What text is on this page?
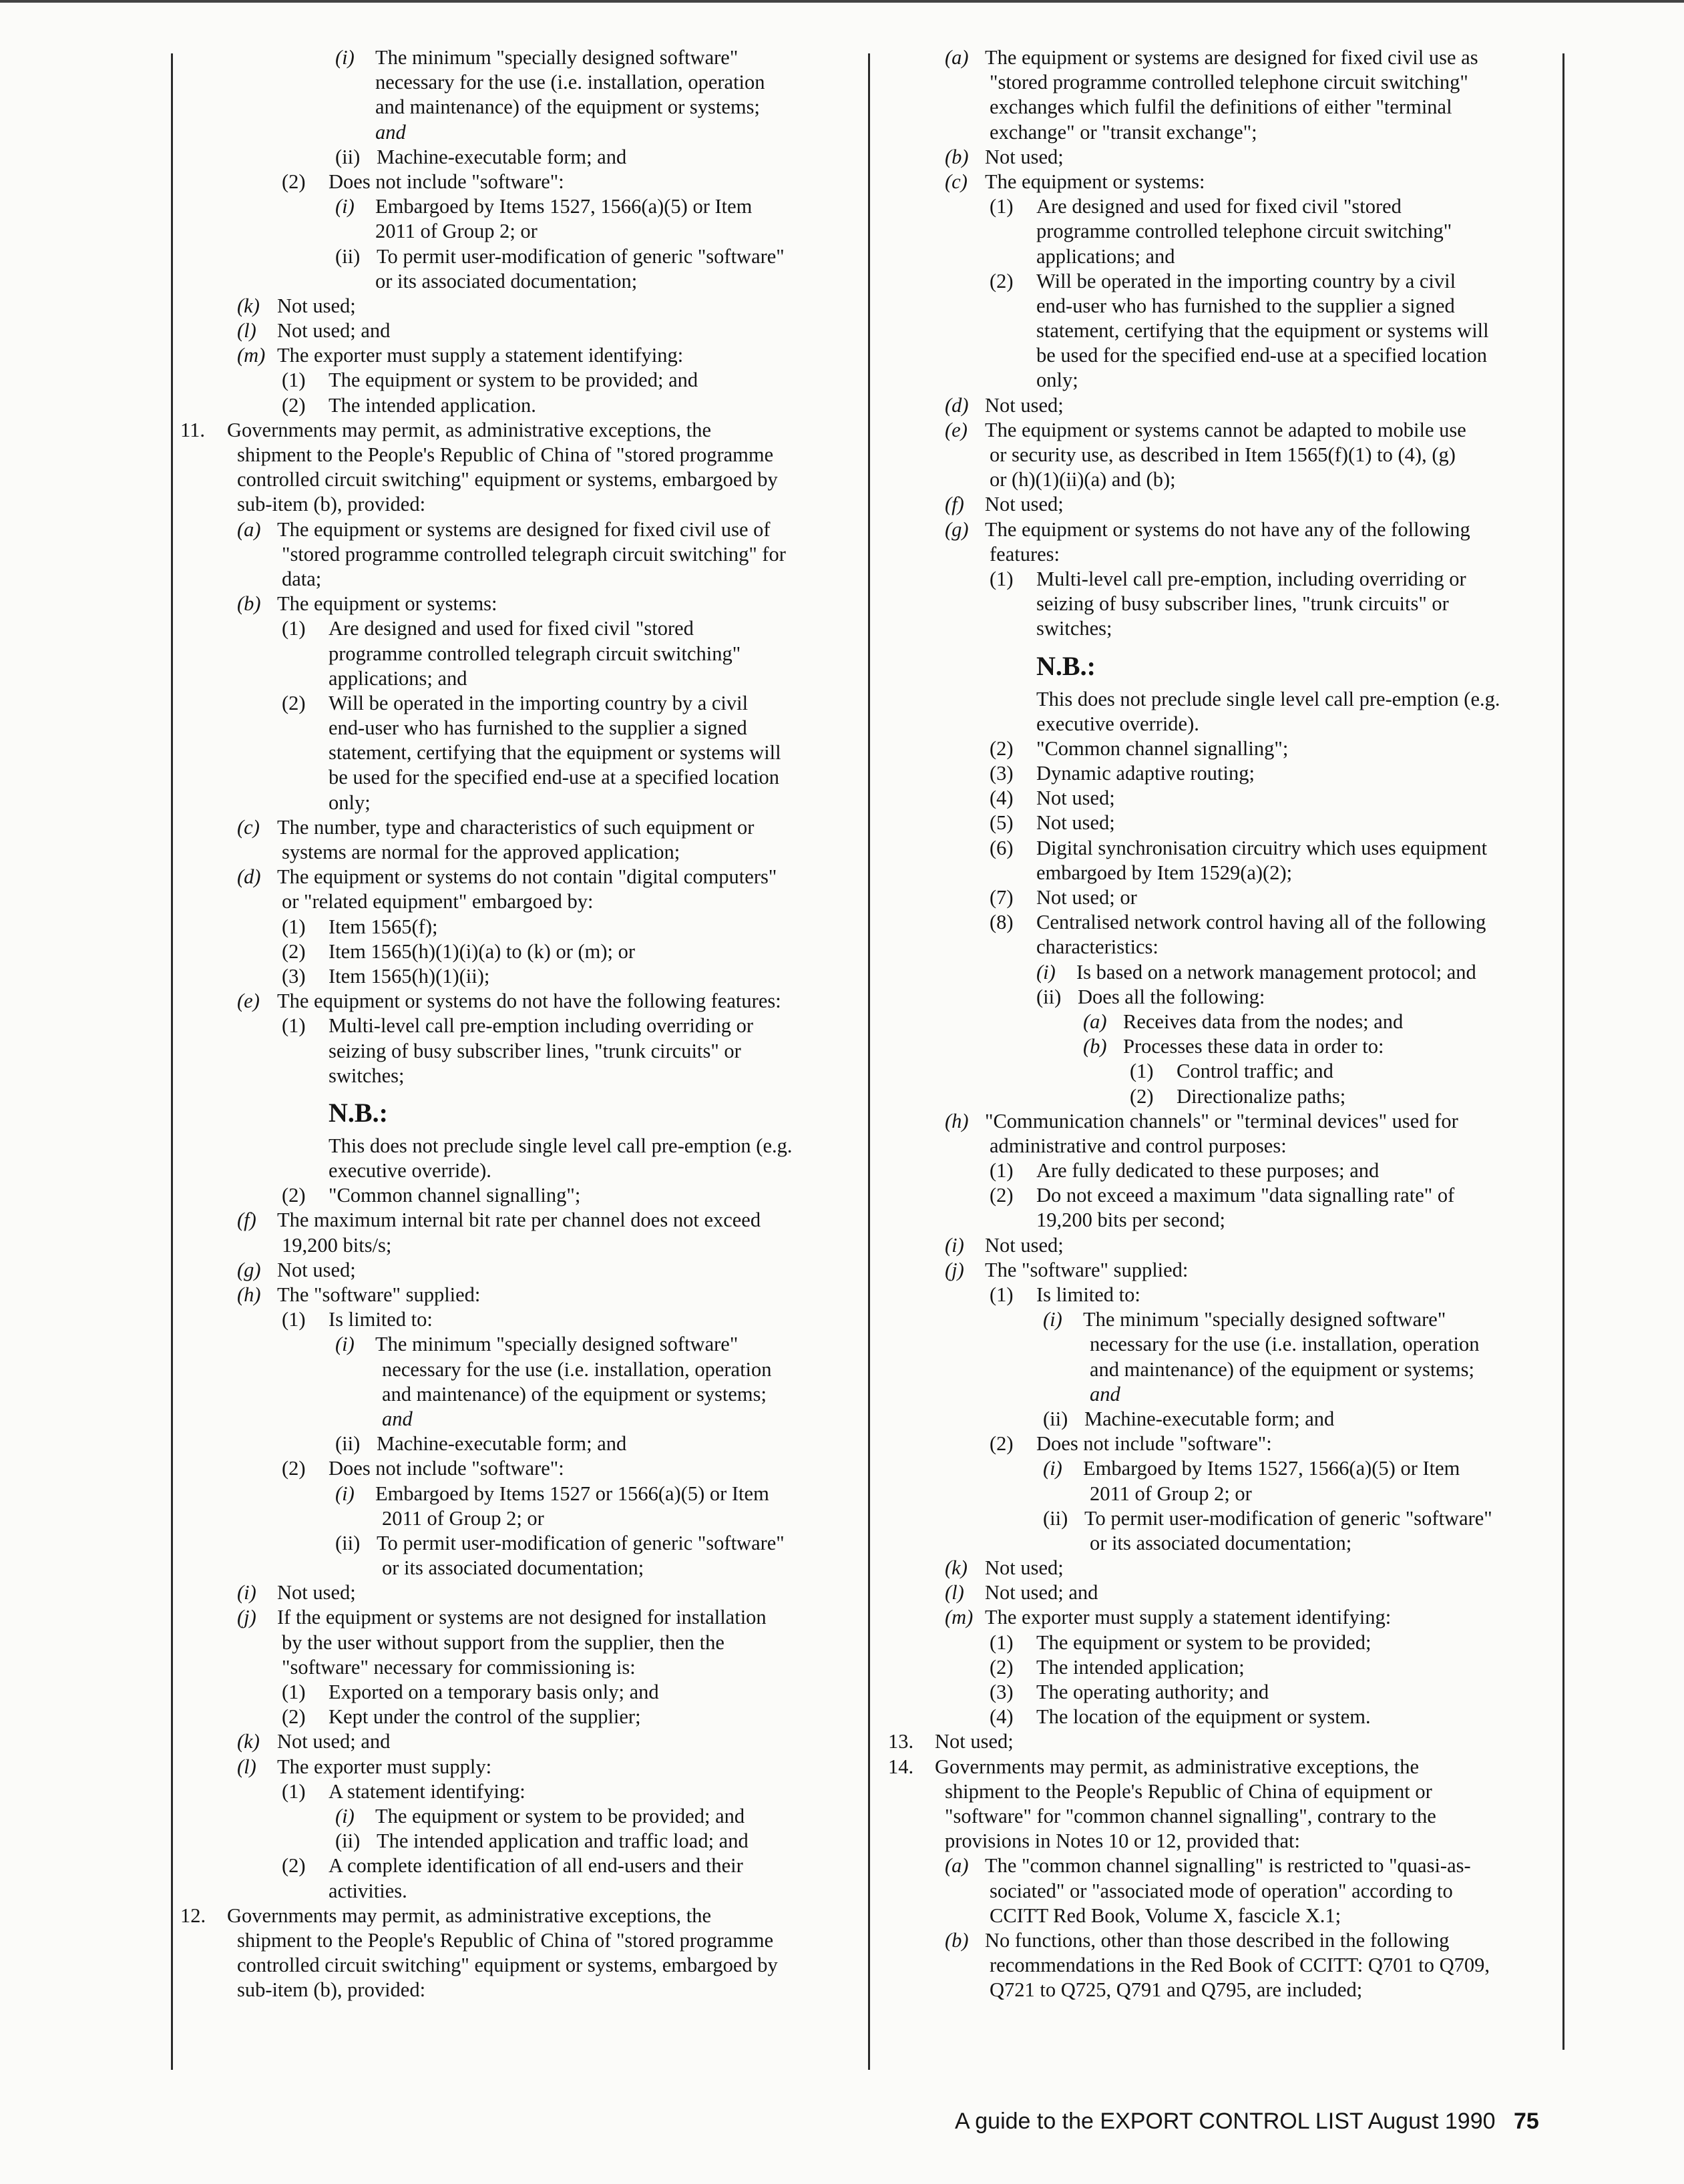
(i) The minimum "specially designed software"
necessary for the use (i.e. installation, operation
and maintenance) of the equipment or systems;
and
(ii) Machine-executable form; and
(2) Does not include "software":
(i) Embargoed by Items 1527, 1566(a)(5) or Item
2011 of Group 2; or
(ii) To permit user-modification of generic "software"
or its associated documentation;
(k) Not used;
(l) Not used; and
(m) The exporter must supply a statement identifying:
(1) The equipment or system to be provided; and
(2) The intended application.
11. Governments may permit, as administrative exceptions, the
shipment to the People's Republic of China of "stored programme
controlled circuit switching" equipment or systems, embargoed by
sub-item (b), provided:
(a) The equipment or systems are designed for fixed civil use of
"stored programme controlled telegraph circuit switching" for
data;
(b) The equipment or systems:
(1) Are designed and used for fixed civil "stored
programme controlled telegraph circuit switching"
applications; and
(2) Will be operated in the importing country by a civil
end-user who has furnished to the supplier a signed
statement, certifying that the equipment or systems will
be used for the specified end-use at a specified location
only;
(c) The number, type and characteristics of such equipment or
systems are normal for the approved application;
(d) The equipment or systems do not contain "digital computers"
or "related equipment" embargoed by:
(1) Item 1565(f);
(2) Item 1565(h)(1)(i)(a) to (k) or (m); or
(3) Item 1565(h)(1)(ii);
(e) The equipment or systems do not have the following features:
(1) Multi-level call pre-emption including overriding or
seizing of busy subscriber lines, "trunk circuits" or
switches;
N.B.:
This does not preclude single level call pre-emption (e.g.
executive override).
(2) "Common channel signalling";
(f) The maximum internal bit rate per channel does not exceed
19,200 bits/s;
(g) Not used;
(h) The "software" supplied:
(1) Is limited to:
(i) The minimum "specially designed software"
necessary for the use (i.e. installation, operation
and maintenance) of the equipment or systems;
and
(ii) Machine-executable form; and
(2) Does not include "software":
(i) Embargoed by Items 1527 or 1566(a)(5) or Item
2011 of Group 2; or
(ii) To permit user-modification of generic "software"
or its associated documentation;
(i) Not used;
(j) If the equipment or systems are not designed for installation
by the user without support from the supplier, then the
"software" necessary for commissioning is:
(1) Exported on a temporary basis only; and
(2) Kept under the control of the supplier;
(k) Not used; and
(l) The exporter must supply:
(1) A statement identifying:
(i) The equipment or system to be provided; and
(ii) The intended application and traffic load; and
(2) A complete identification of all end-users and their
activities.
12. Governments may permit, as administrative exceptions, the
shipment to the People's Republic of China of "stored programme
controlled circuit switching" equipment or systems, embargoed by
sub-item (b), provided:
(a) The equipment or systems are designed for fixed civil use as
"stored programme controlled telephone circuit switching"
exchanges which fulfil the definitions of either "terminal
exchange" or "transit exchange";
(b) Not used;
(c) The equipment or systems:
(1) Are designed and used for fixed civil "stored
programme controlled telephone circuit switching"
applications; and
(2) Will be operated in the importing country by a civil
end-user who has furnished to the supplier a signed
statement, certifying that the equipment or systems will
be used for the specified end-use at a specified location
only;
(d) Not used;
(e) The equipment or systems cannot be adapted to mobile use
or security use, as described in Item 1565(f)(1) to (4), (g)
or (h)(1)(ii)(a) and (b);
(f) Not used;
(g) The equipment or systems do not have any of the following
features:
(1) Multi-level call pre-emption, including overriding or
seizing of busy subscriber lines, "trunk circuits" or
switches;
N.B.:
This does not preclude single level call pre-emption (e.g.
executive override).
(2) "Common channel signalling";
(3) Dynamic adaptive routing;
(4) Not used;
(5) Not used;
(6) Digital synchronisation circuitry which uses equipment
embargoed by Item 1529(a)(2);
(7) Not used; or
(8) Centralised network control having all of the following
characteristics:
(i) Is based on a network management protocol; and
(ii) Does all the following:
(a) Receives data from the nodes; and
(b) Processes these data in order to:
(1) Control traffic; and
(2) Directionalize paths;
(h) "Communication channels" or "terminal devices" used for
administrative and control purposes:
(1) Are fully dedicated to these purposes; and
(2) Do not exceed a maximum "data signalling rate" of
19,200 bits per second;
(i) Not used;
(j) The "software" supplied:
(1) Is limited to:
(i) The minimum "specially designed software"
necessary for the use (i.e. installation, operation
and maintenance) of the equipment or systems;
and
(ii) Machine-executable form; and
(2) Does not include "software":
(i) Embargoed by Items 1527, 1566(a)(5) or Item
2011 of Group 2; or
(ii) To permit user-modification of generic "software"
or its associated documentation;
(k) Not used;
(l) Not used; and
(m) The exporter must supply a statement identifying:
(1) The equipment or system to be provided;
(2) The intended application;
(3) The operating authority; and
(4) The location of the equipment or system.
13. Not used;
14. Governments may permit, as administrative exceptions, the
shipment to the People's Republic of China of equipment or
"software" for "common channel signalling", contrary to the
provisions in Notes 10 or 12, provided that:
(a) The "common channel signalling" is restricted to "quasi-as-
sociated" or "associated mode of operation" according to
CCITT Red Book, Volume X, fascicle X.1;
(b) No functions, other than those described in the following
recommendations in the Red Book of CCITT: Q701 to Q709,
Q721 to Q725, Q791 and Q795, are included;
A guide to the EXPORT CONTROL LIST August 1990 75
